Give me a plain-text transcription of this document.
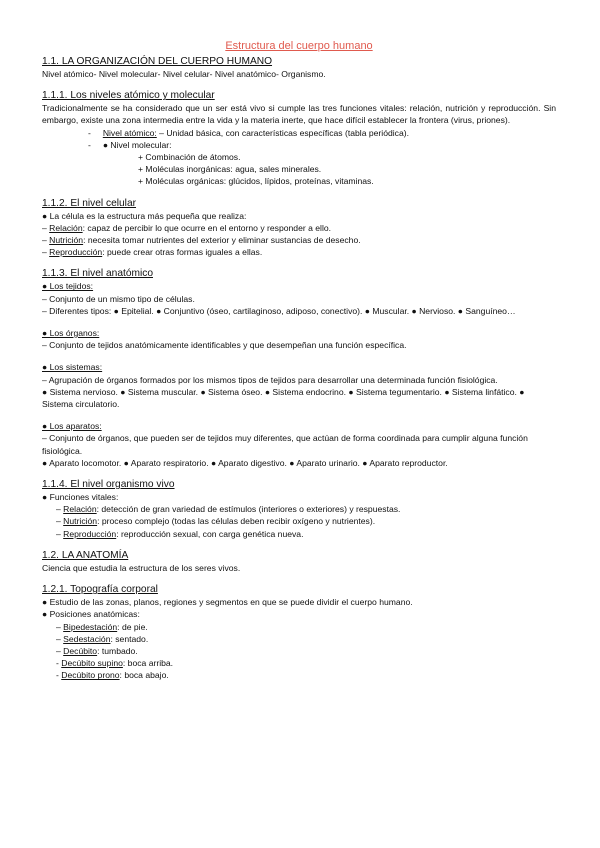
Estructura del cuerpo humano

1.1. LA ORGANIZACIÓN DEL CUERPO HUMANO

Nivel atómico- Nivel molecular- Nivel celular- Nivel anatómico- Organismo.

1.1.1. Los niveles atómico y molecular

Tradicionalmente se ha considerado que un ser está vivo si cumple las tres funciones vitales: relación, nutrición y reproducción. Sin embargo, existe una zona intermedia entre la vida y la materia inerte, que hace difícil establecer la frontera (virus, priones).

-     Nivel atómico: – Unidad básica, con características específicas (tabla periódica).

-     ● Nivel molecular:

+ Combinación de átomos.

+ Moléculas inorgánicas: agua, sales minerales.

+ Moléculas orgánicas: glúcidos, lípidos, proteínas, vitaminas.

1.1.2. El nivel celular

● La célula es la estructura más pequeña que realiza:

– Relación: capaz de percibir lo que ocurre en el entorno y responder a ello.

– Nutrición: necesita tomar nutrientes del exterior y eliminar sustancias de desecho.

– Reproducción: puede crear otras formas iguales a ellas.

1.1.3. El nivel anatómico

● Los tejidos:

– Conjunto de un mismo tipo de células.

– Diferentes tipos: ● Epitelial. ● Conjuntivo (óseo, cartilaginoso, adiposo, conectivo). ● Muscular. ● Nervioso. ● Sanguíneo…

● Los órganos:

– Conjunto de tejidos anatómicamente identificables y que desempeñan una función específica.

● Los sistemas:

– Agrupación de órganos formados por los mismos tipos de tejidos para desarrollar una determinada función fisiológica.

● Sistema nervioso. ● Sistema muscular. ● Sistema óseo. ● Sistema endocrino. ● Sistema tegumentario. ● Sistema linfático. ● Sistema circulatorio.

● Los aparatos:

– Conjunto de órganos, que pueden ser de tejidos muy diferentes, que actúan de forma coordinada para cumplir alguna función fisiológica.

● Aparato locomotor. ● Aparato respiratorio. ● Aparato digestivo. ● Aparato urinario. ● Aparato reproductor.

1.1.4. El nivel organismo vivo

● Funciones vitales:

– Relación: detección de gran variedad de estímulos (interiores o exteriores) y respuestas.

– Nutrición: proceso complejo (todas las células deben recibir oxígeno y nutrientes).

– Reproducción: reproducción sexual, con carga genética nueva.

1.2. LA ANATOMÍA

Ciencia que estudia la estructura de los seres vivos.

1.2.1. Topografía corporal

● Estudio de las zonas, planos, regiones y segmentos en que se puede dividir el cuerpo humano.

● Posiciones anatómicas:

– Bipedestación: de pie.

– Sedestación: sentado.

– Decúbito: tumbado.

- Decúbito supino: boca arriba.

- Decúbito prono: boca abajo.
